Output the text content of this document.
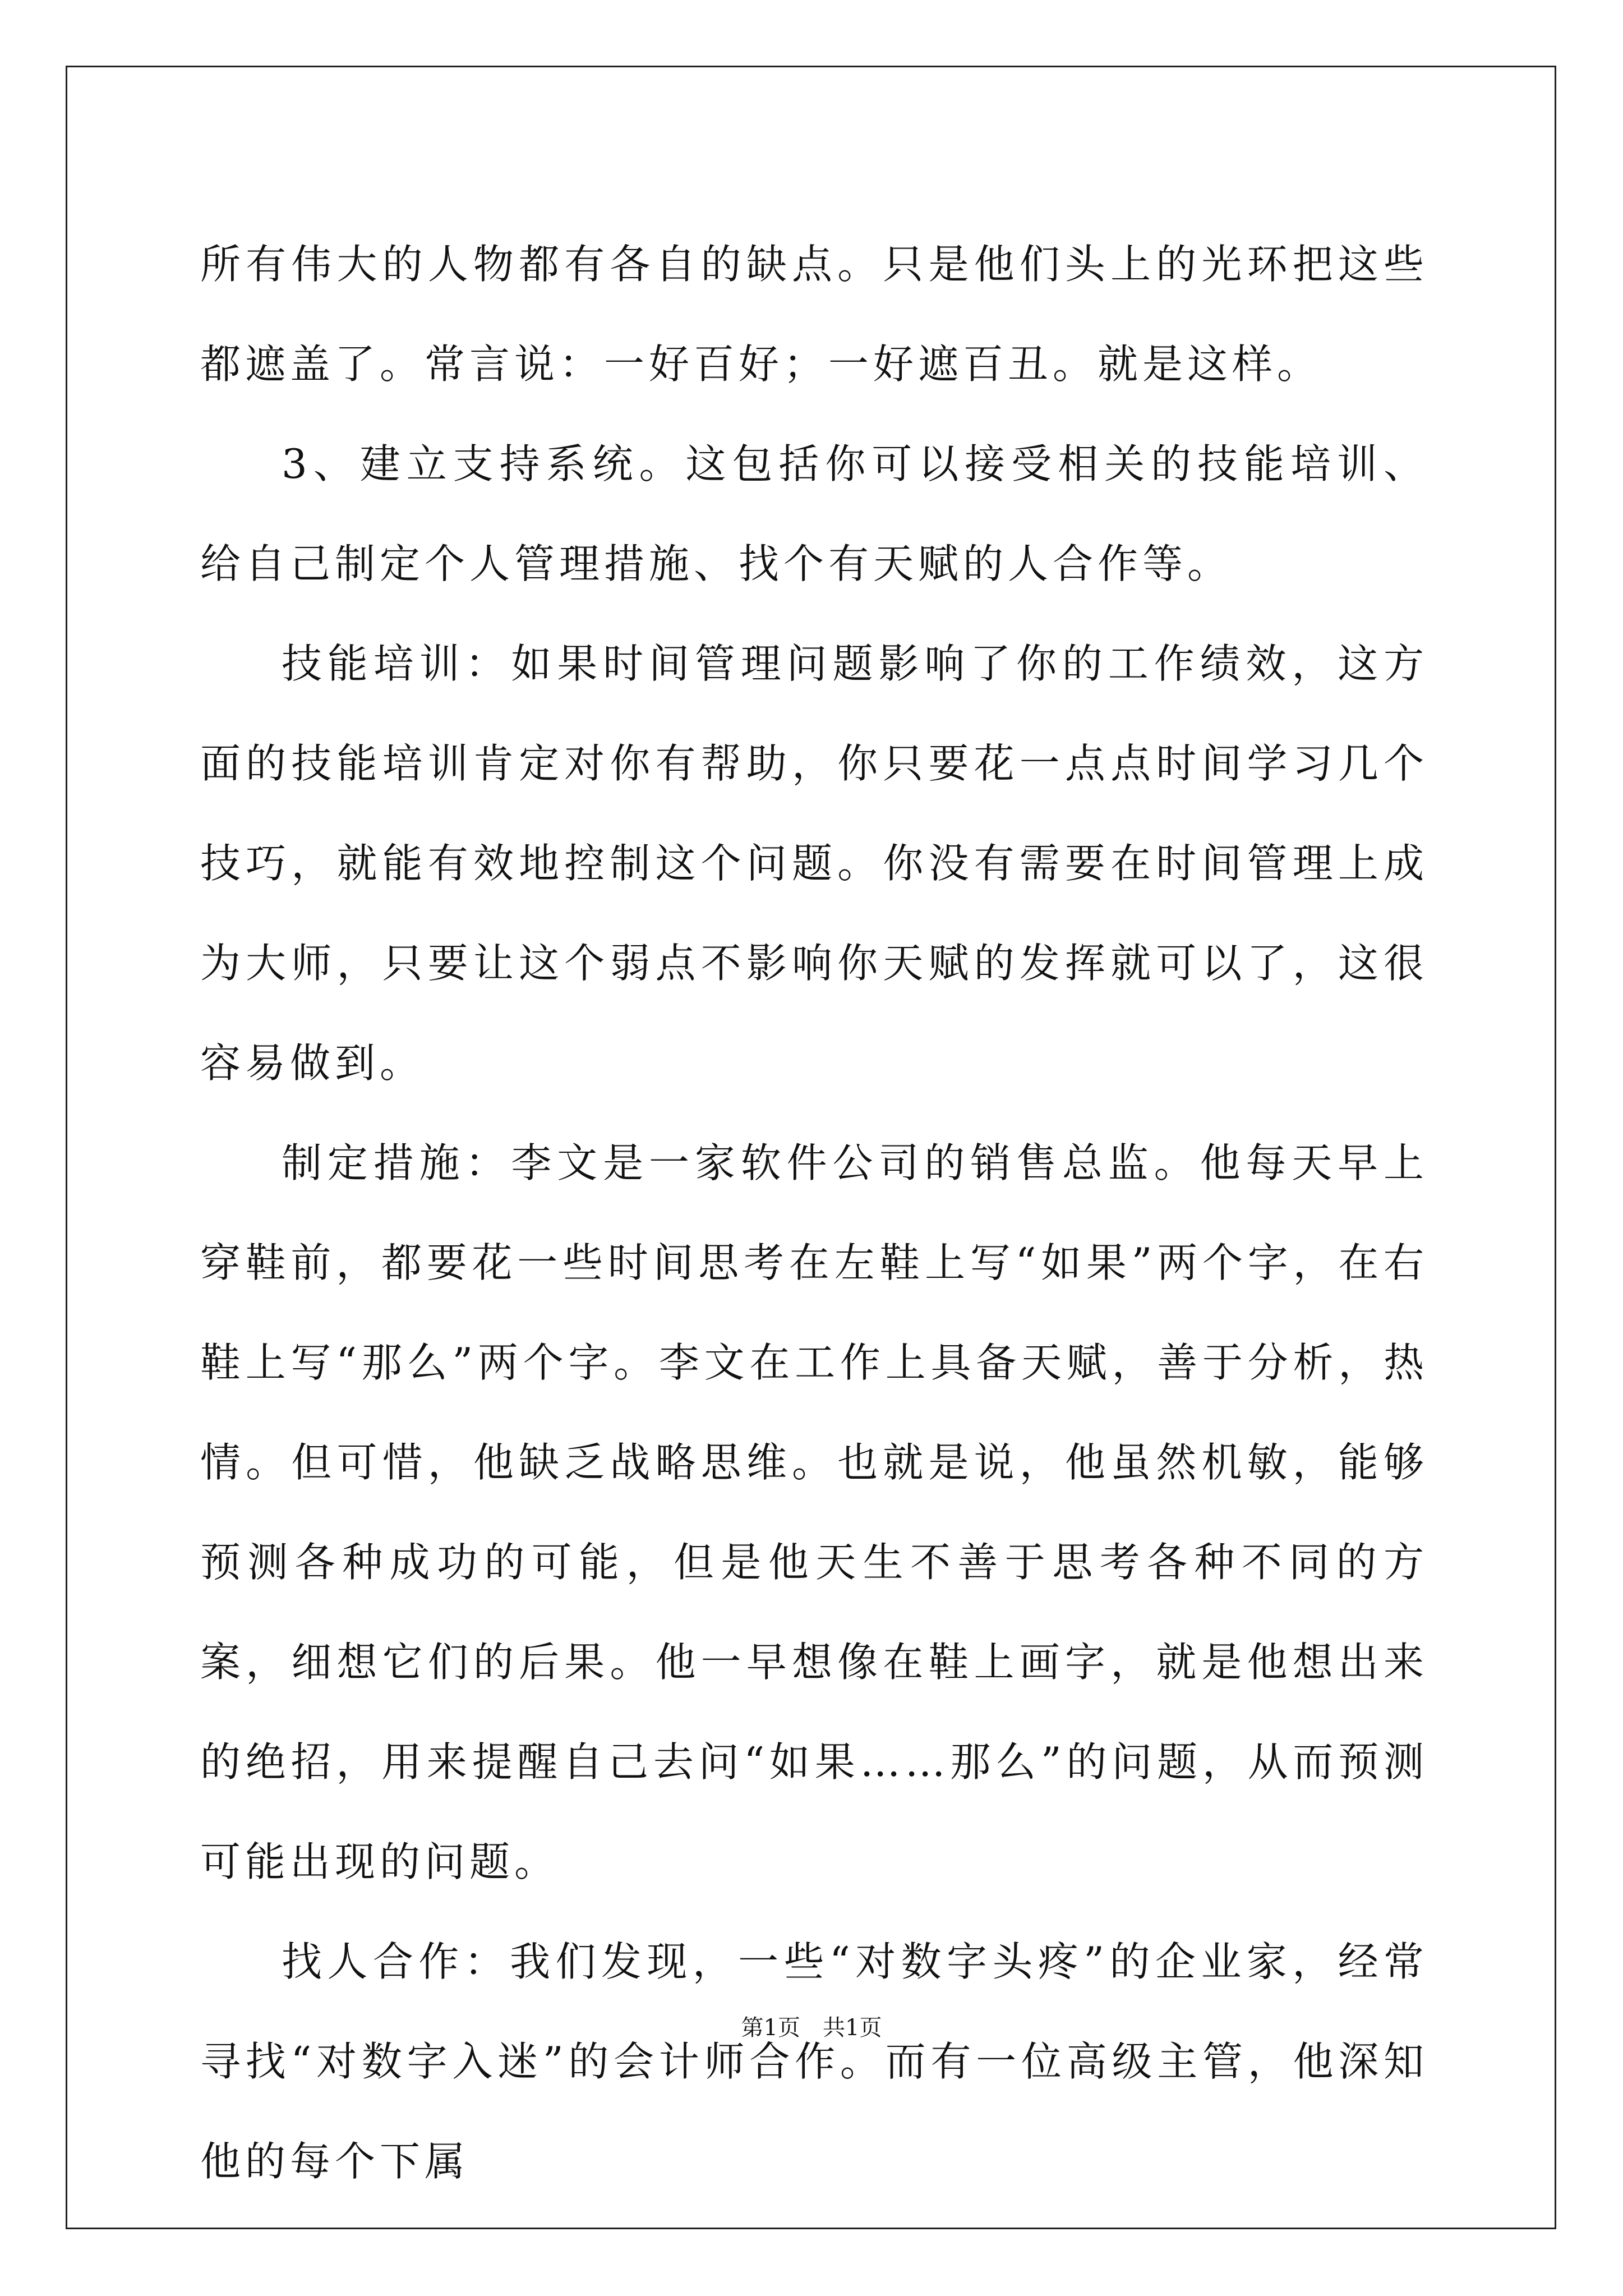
所有伟大的人物都有各自的缺点。只是他们头上的光环把这些都遮盖了。常言说：一好百好；一好遮百丑。就是这样。

3、建立支持系统。这包括你可以接受相关的技能培训、给自己制定个人管理措施、找个有天赋的人合作等。

技能培训：如果时间管理问题影响了你的工作绩效，这方面的技能培训肯定对你有帮助，你只要花一点点时间学习几个技巧，就能有效地控制这个问题。你没有需要在时间管理上成为大师，只要让这个弱点不影响你天赋的发挥就可以了，这很容易做到。

制定措施：李文是一家软件公司的销售总监。他每天早上穿鞋前，都要花一些时间思考在左鞋上写“如果”两个字，在右鞋上写“那么”两个字。李文在工作上具备天赋，善于分析，热情。但可惜，他缺乏战略思维。也就是说，他虽然机敏，能够预测各种成功的可能，但是他天生不善于思考各种不同的方案，细想它们的后果。他一早想像在鞋上画字，就是他想出来的绝招，用来提醒自己去问“如果……那么”的问题，从而预测可能出现的问题。

找人合作：我们发现，一些“对数字头疼”的企业家，经常寻找“对数字入迷”的会计师合作。而有一位高级主管，他深知他的每个下属

第1页　共1页
